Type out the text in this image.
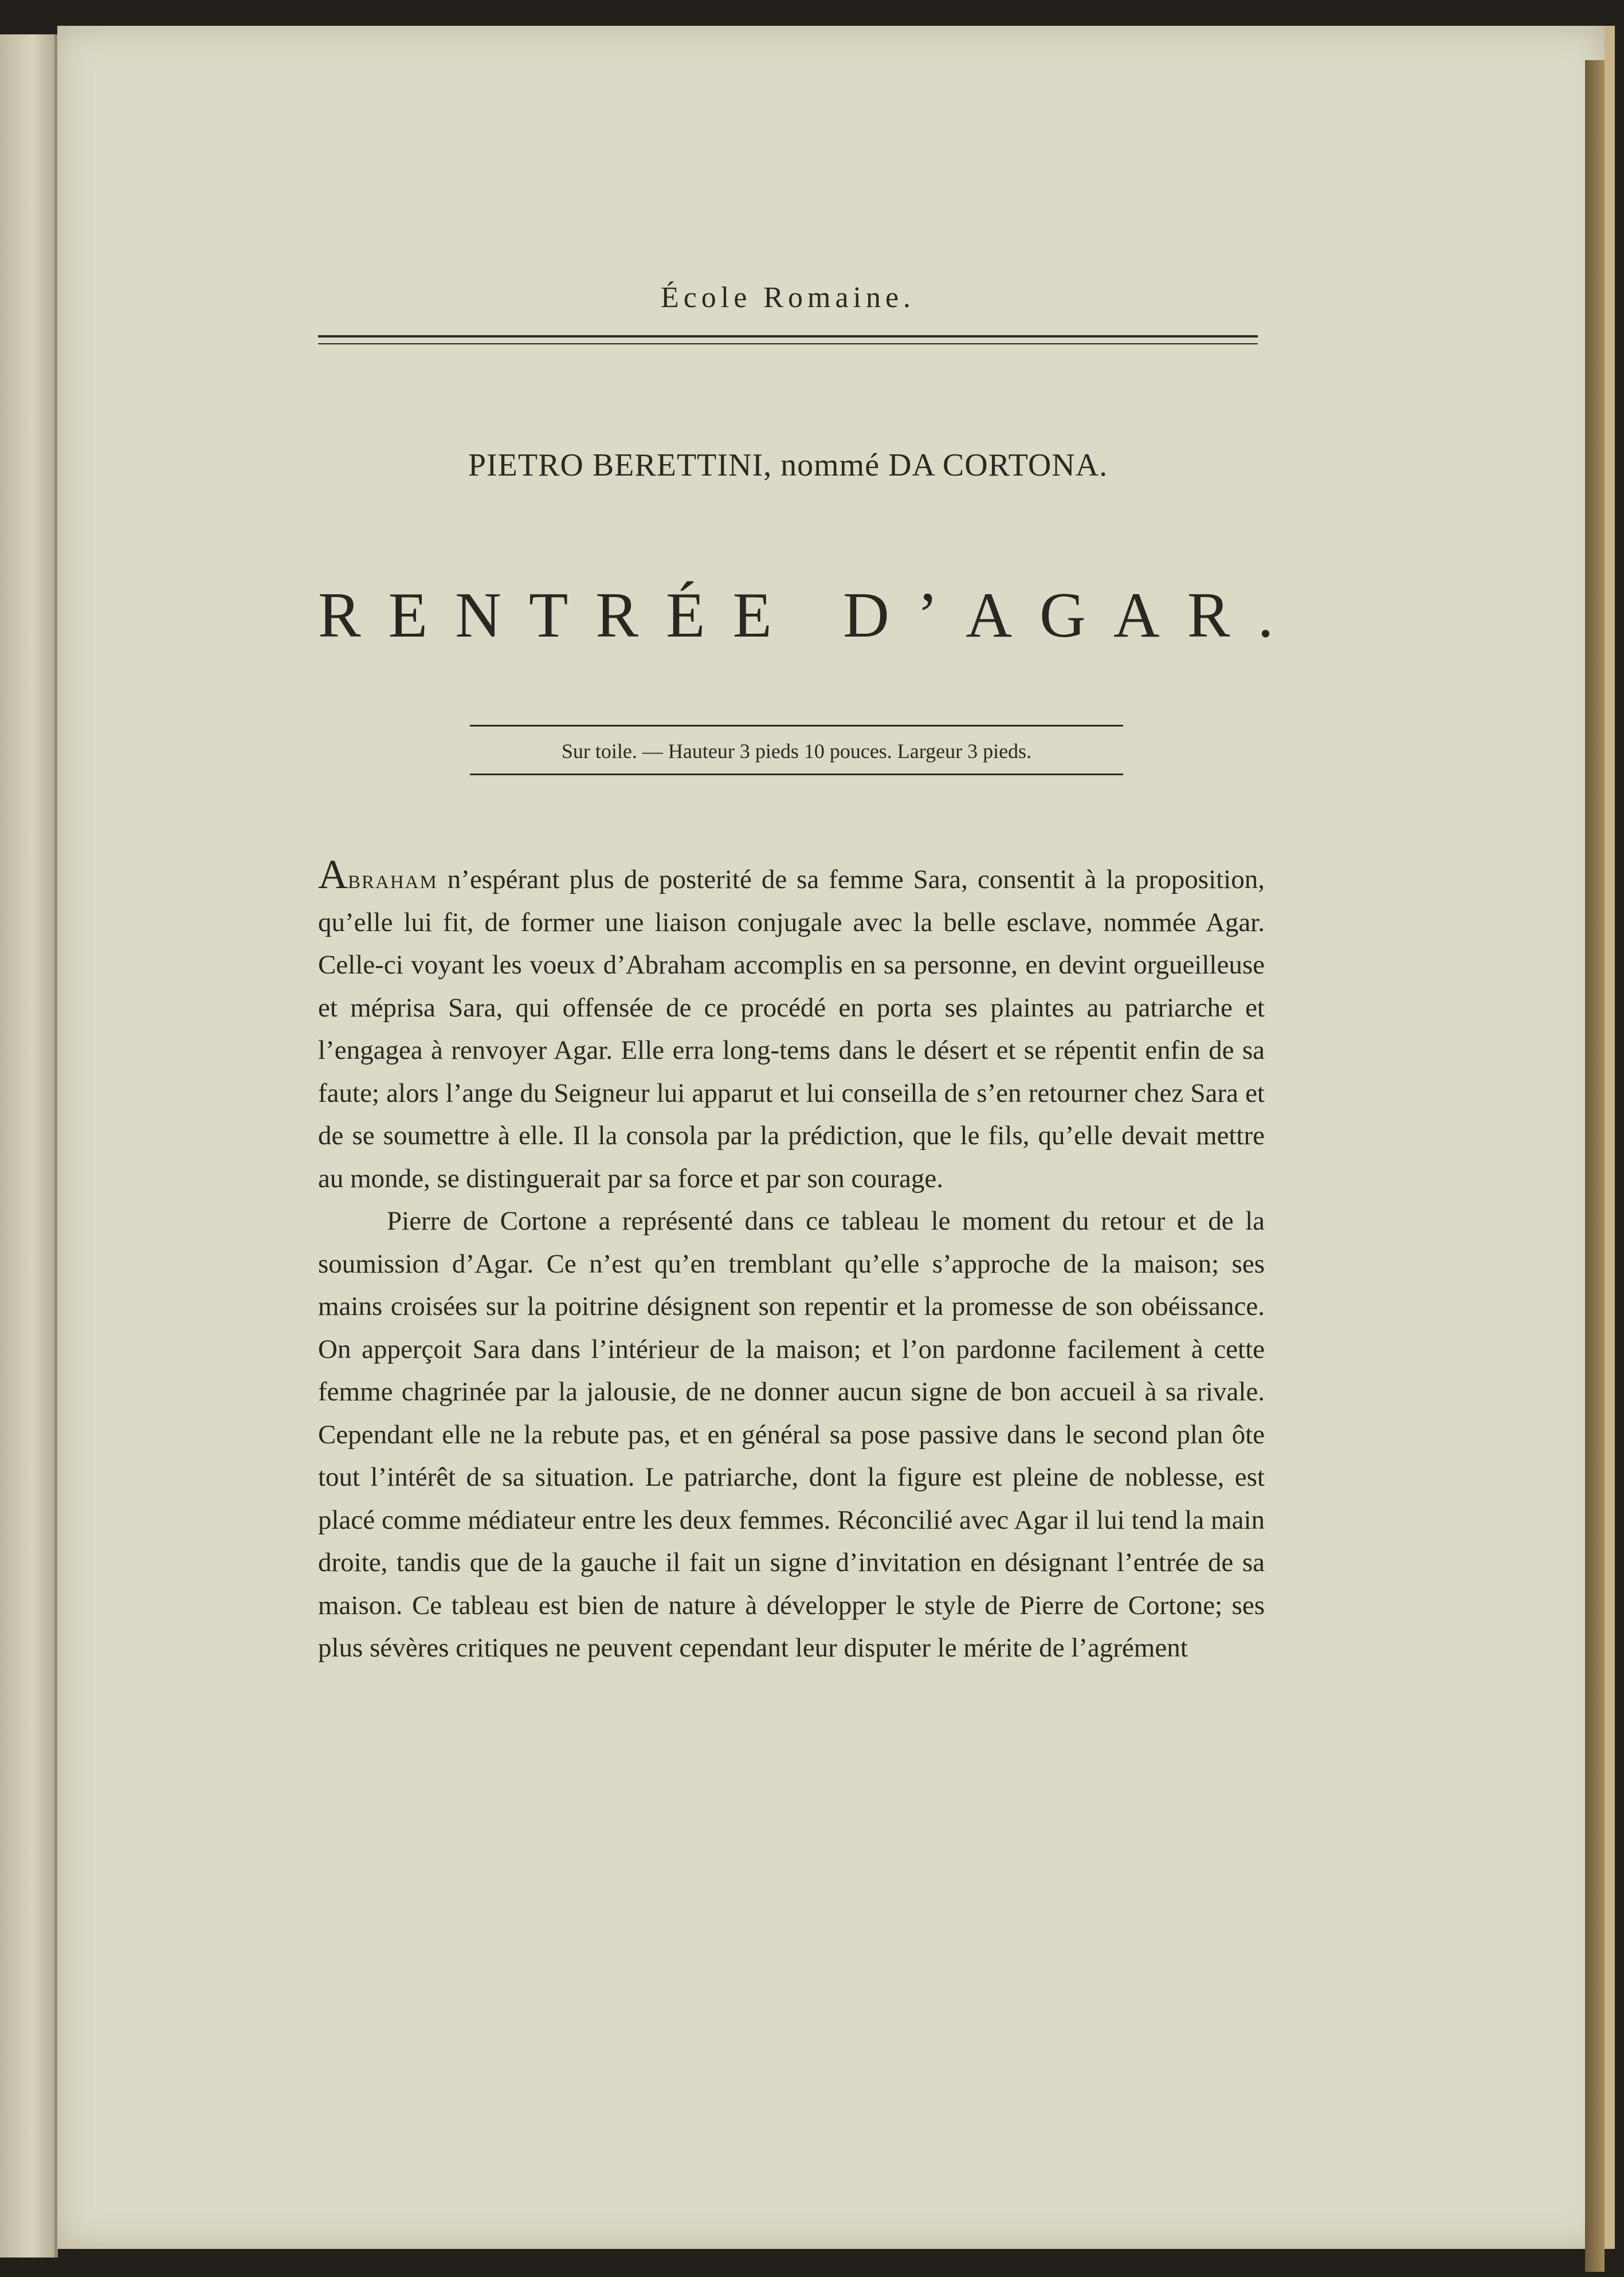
École Romaine.
PIETRO BERETTINI, nommé DA CORTONA.
RENTRÉE D’AGAR.
Sur toile. — Hauteur 3 pieds 10 pouces. Largeur 3 pieds.

Abraham n’espérant plus de posterité de sa femme Sara, consentit à la proposition, qu’elle lui fit, de former une liaison conjugale avec la belle esclave, nommée Agar. Celle-ci voyant les voeux d’Abraham accomplis en sa personne, en devint orgueilleuse et méprisa Sara, qui offensée de ce procédé en porta ses plaintes au patriarche et l’engagea à renvoyer Agar. Elle erra long-tems dans le désert et se répentit enfin de sa faute; alors l’ange du Seigneur lui apparut et lui conseilla de s’en retourner chez Sara et de se soumettre à elle. Il la consola par la prédiction, que le fils, qu’elle devait mettre au monde, se distinguerait par sa force et par son courage.

Pierre de Cortone a représenté dans ce tableau le moment du retour et de la soumission d’Agar. Ce n’est qu’en tremblant qu’elle s’approche de la maison; ses mains croisées sur la poitrine désignent son repentir et la promesse de son obéissance. On apperçoit Sara dans l’intérieur de la maison; et l’on pardonne facilement à cette femme chagrinée par la jalousie, de ne donner aucun signe de bon accueil à sa rivale. Cependant elle ne la rebute pas, et en général sa pose passive dans le second plan ôte tout l’intérêt de sa situation. Le patriarche, dont la figure est pleine de noblesse, est placé comme médiateur entre les deux femmes. Réconcilié avec Agar il lui tend la main droite, tandis que de la gauche il fait un signe d’invitation en désignant l’entrée de sa maison. Ce tableau est bien de nature à développer le style de Pierre de Cortone; ses plus sévères critiques ne peuvent cependant leur disputer le mérite de l’agrément
